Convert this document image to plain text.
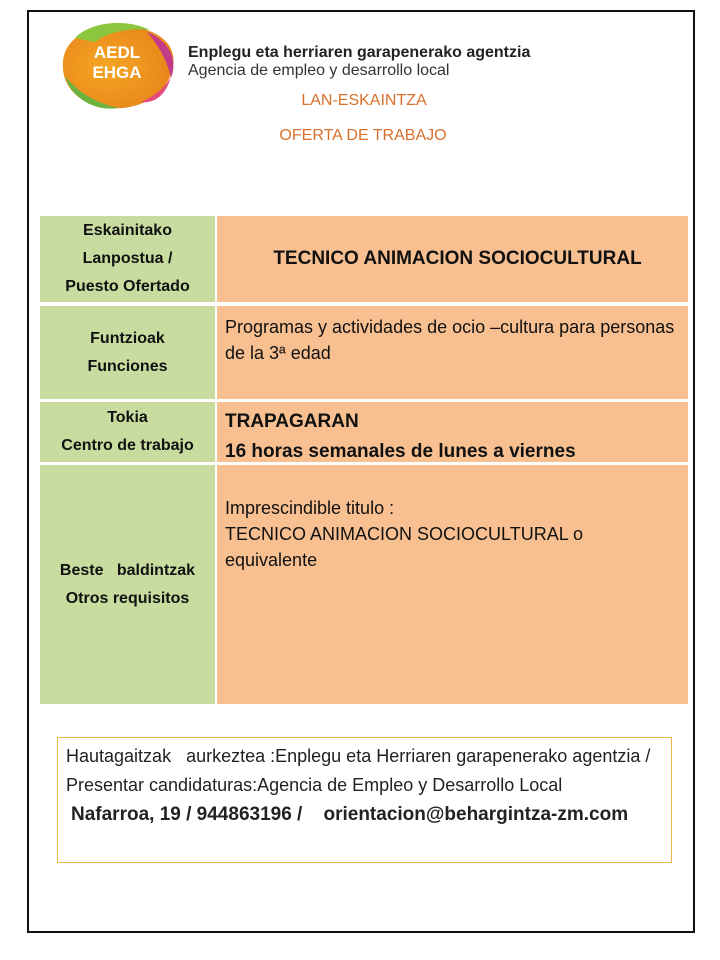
AEDL
EHGA
Enplegu eta herriaren garapenerako agentzia
Agencia de empleo y desarrollo local
LAN-ESKAINTZA
OFERTA DE TRABAJO
Eskainitako
Lanpostua /
Puesto Ofertado
TECNICO ANIMACION SOCIOCULTURAL
Funtzioak
Funciones
Programas y actividades de ocio –cultura para personas de la 3ª edad
Tokia
Centro de trabajo
TRAPAGARAN
16 horas semanales de lunes a viernes
Beste   baldintzak
Otros requisitos
Imprescindible titulo :
TECNICO ANIMACION SOCIOCULTURAL o equivalente
Hautagaitzak   aurkeztea :Enplegu eta Herriaren garapenerako agentzia / Presentar candidaturas:Agencia de Empleo y Desarrollo Local
Nafarroa, 19 / 944863196 / orientacion@behargintza-zm.com
